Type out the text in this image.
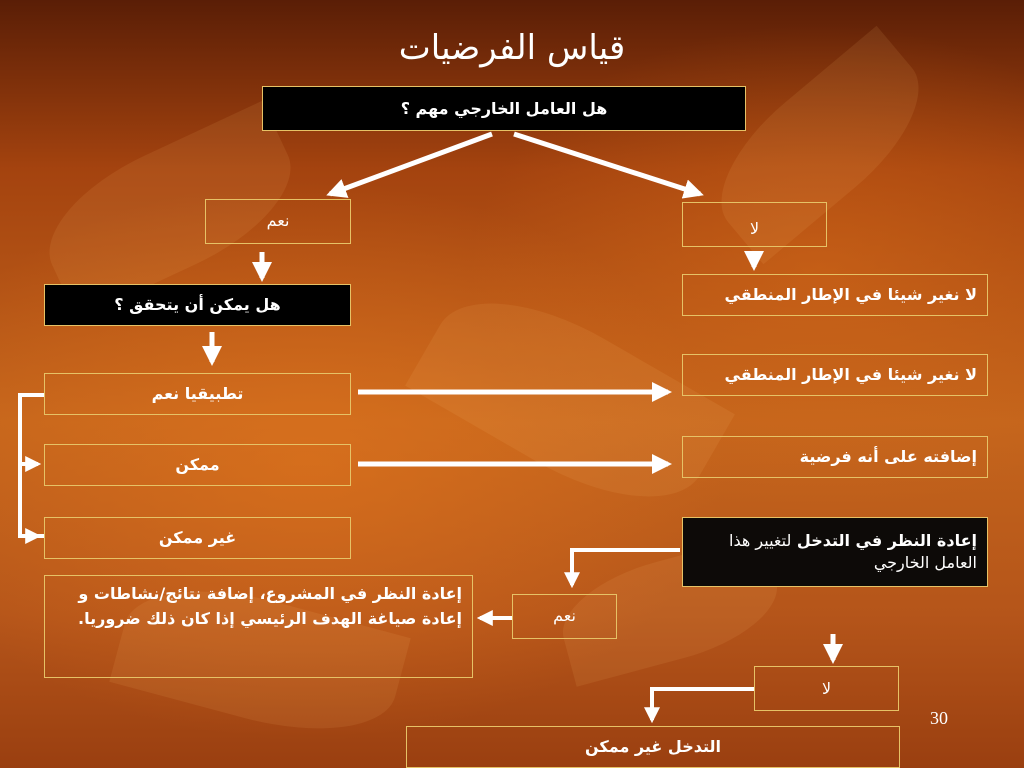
قياس الفرضيات
هل العامل الخارجي مهم ؟
نعم	لا
هل يمكن أن يتحقق ؟
لا نغير شيئا في الإطار المنطقي
تطبيقيا نعم
لا نغير شيئا في الإطار المنطقي
ممكن	إضافته على أنه فرضية
غير ممكن	إعادة النظر في التدخل لتغيير هذا العامل الخارجي
إعادة النظر في المشروع، إضافة نتائج/نشاطات و إعادة صياغة الهدف الرئيسي إذا كان ذلك ضروريا.	نعم
لا
التدخل غير ممكن
30
